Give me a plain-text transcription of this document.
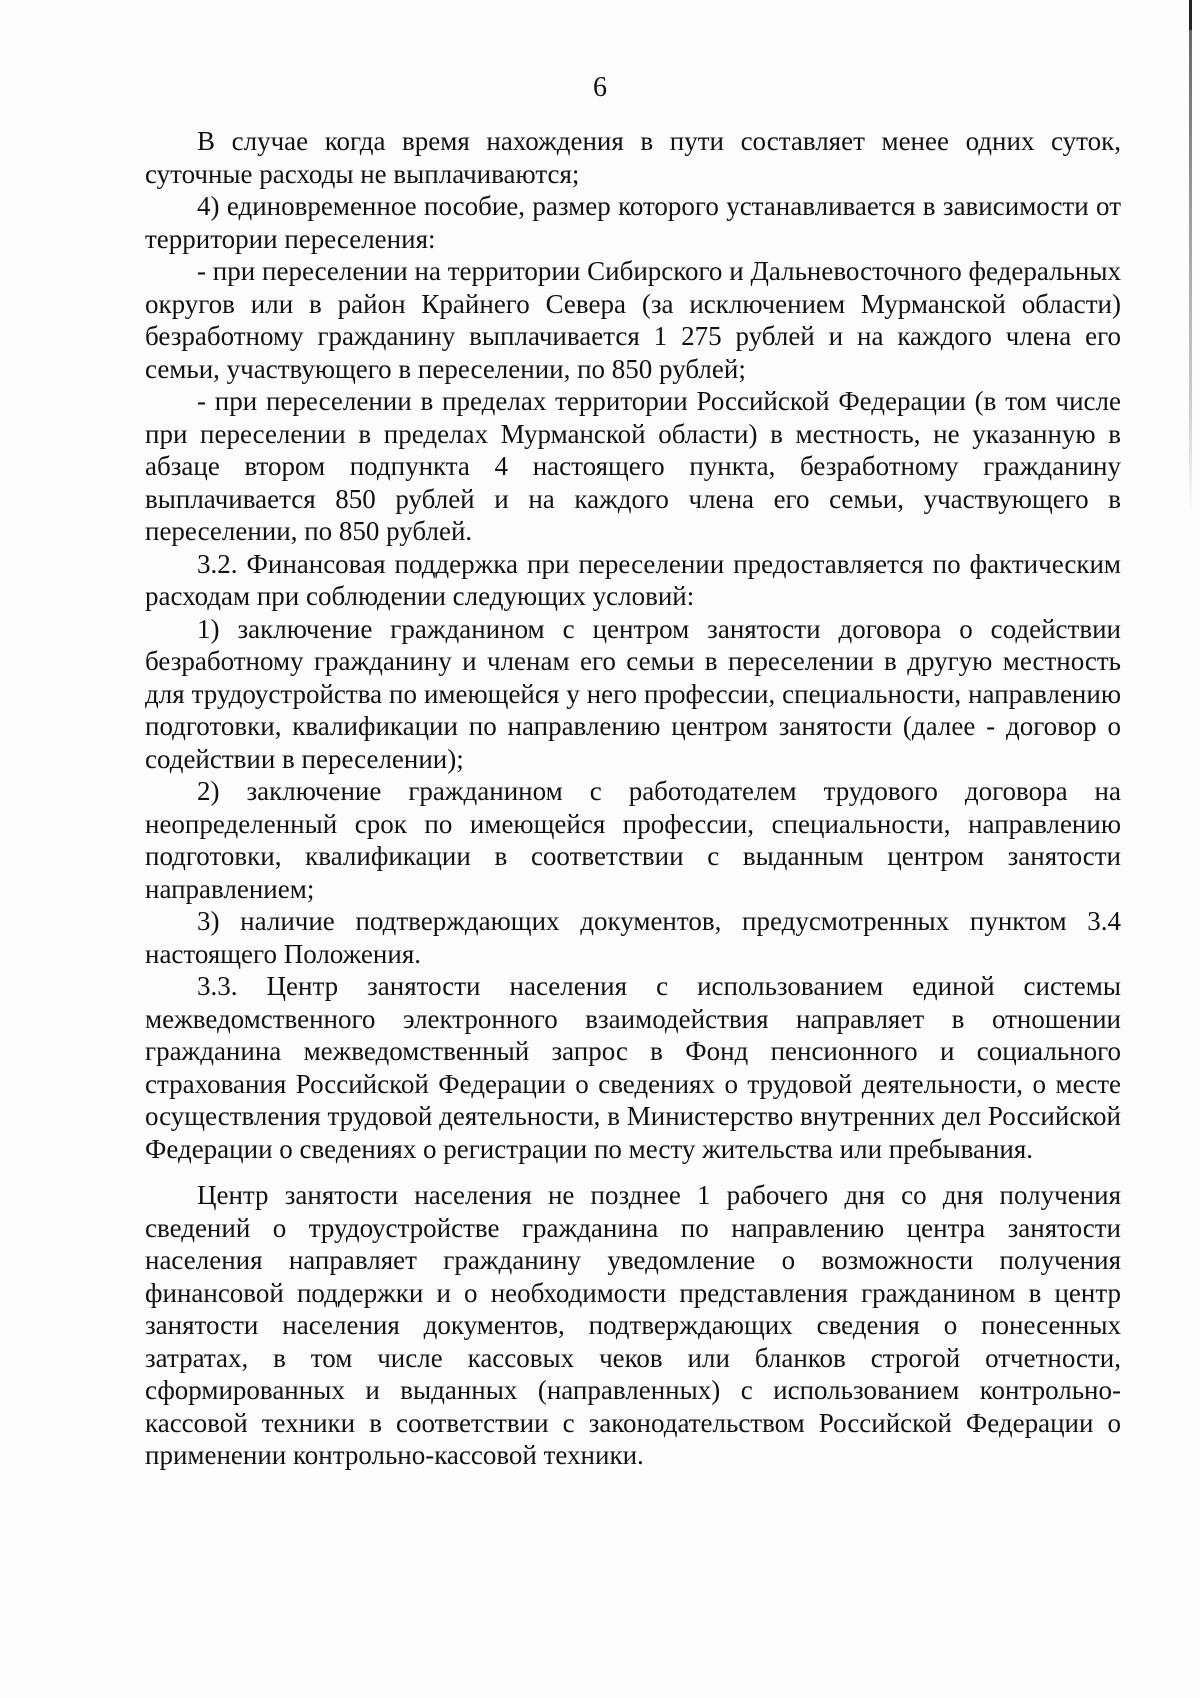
6

В случае когда время нахождения в пути составляет менее одних суток, суточные расходы не выплачиваются;

4) единовременное пособие, размер которого устанавливается в зависимости от территории переселения:

- при переселении на территории Сибирского и Дальневосточного федеральных округов или в район Крайнего Севера (за исключением Мурманской области) безработному гражданину выплачивается 1 275 рублей и на каждого члена его семьи, участвующего в переселении, по 850 рублей;

- при переселении в пределах территории Российской Федерации (в том числе при переселении в пределах Мурманской области) в местность, не указанную в абзаце втором подпункта 4 настоящего пункта, безработному гражданину выплачивается 850 рублей и на каждого члена его семьи, участвующего в переселении, по 850 рублей.

3.2. Финансовая поддержка при переселении предоставляется по фактическим расходам при соблюдении следующих условий:

1) заключение гражданином с центром занятости договора о содействии безработному гражданину и членам его семьи в переселении в другую местность для трудоустройства по имеющейся у него профессии, специальности, направлению подготовки, квалификации по направлению центром занятости (далее - договор о содействии в переселении);

2) заключение гражданином с работодателем трудового договора на неопределенный срок по имеющейся профессии, специальности, направлению подготовки, квалификации в соответствии с выданным центром занятости направлением;

3) наличие подтверждающих документов, предусмотренных пунктом 3.4 настоящего Положения.

3.3. Центр занятости населения с использованием единой системы межведомственного электронного взаимодействия направляет в отношении гражданина межведомственный запрос в Фонд пенсионного и социального страхования Российской Федерации о сведениях о трудовой деятельности, о месте осуществления трудовой деятельности, в Министерство внутренних дел Российской Федерации о сведениях о регистрации по месту жительства или пребывания.

Центр занятости населения не позднее 1 рабочего дня со дня получения сведений о трудоустройстве гражданина по направлению центра занятости населения направляет гражданину уведомление о возможности получения финансовой поддержки и о необходимости представления гражданином в центр занятости населения документов, подтверждающих сведения о понесенных затратах, в том числе кассовых чеков или бланков строгой отчетности, сформированных и выданных (направленных) с использованием контрольно-кассовой техники в соответствии с законодательством Российской Федерации о применении контрольно-кассовой техники.
